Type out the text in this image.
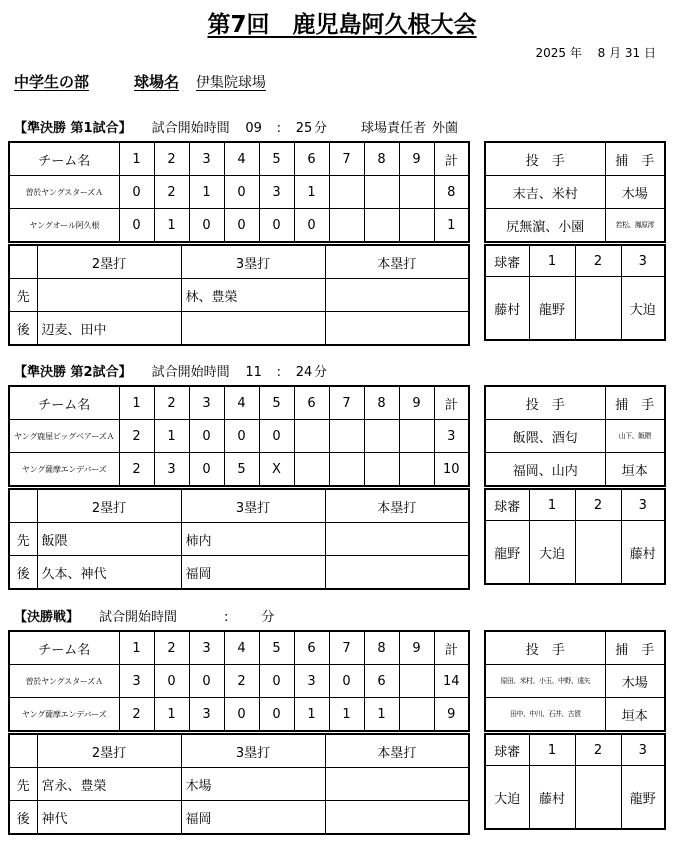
第7回　鹿児島阿久根大会
2025 年　 8 月 31 日
中学生の部	球場名 伊集院球場
【準決勝 第1試合】 試合開始時間 09　:　25 分	球場責任者 外薗
チーム名	1	2	3	4	5	6	7	8	9	計
曽於ヤングスターズＡ	0	2	1	0	3	1				8
ヤングオール阿久根	0	1	0	0	0	0				1
投　手	捕　手
末吉、米村	木場
尻無濵、小園	若松、鳳原澪
	2塁打	3塁打	本塁打
先		林、豊榮	
後	辺麦、田中		
球審	1	2	3
藤村	龍野		大迫
【準決勝 第2試合】 試合開始時間 11　:　24 分
チーム名	1	2	3	4	5	6	7	8	9	計
ヤング鹿屋ビッグベアーズＡ	2	1	0	0	0					3
ヤング薩摩エンデバーズ	2	3	0	5	X					10
投　手	捕　手
飯隈、酒匂	山下、飯隈
福岡、山内	垣本
	2塁打	3塁打	本塁打
先	飯隈	柿内	
後	久本、神代	福岡	
球審	1	2	3
龍野	大迫		藤村
【決勝戦】 試合開始時間	　:　分
チーム名	1	2	3	4	5	6	7	8	9	計
曽於ヤングスターズＡ	3	0	0	2	0	3	0	6		14
ヤング薩摩エンデバーズ	2	1	3	0	0	1	1	1		9
投　手	捕　手
原田、米村、小玉、中野、遠矢	木場
田中、中川、石井、古賀	垣本
	2塁打	3塁打	本塁打
先	宮永、豊榮	木場	
後	神代	福岡	
球審	1	2	3
大迫	藤村		龍野
